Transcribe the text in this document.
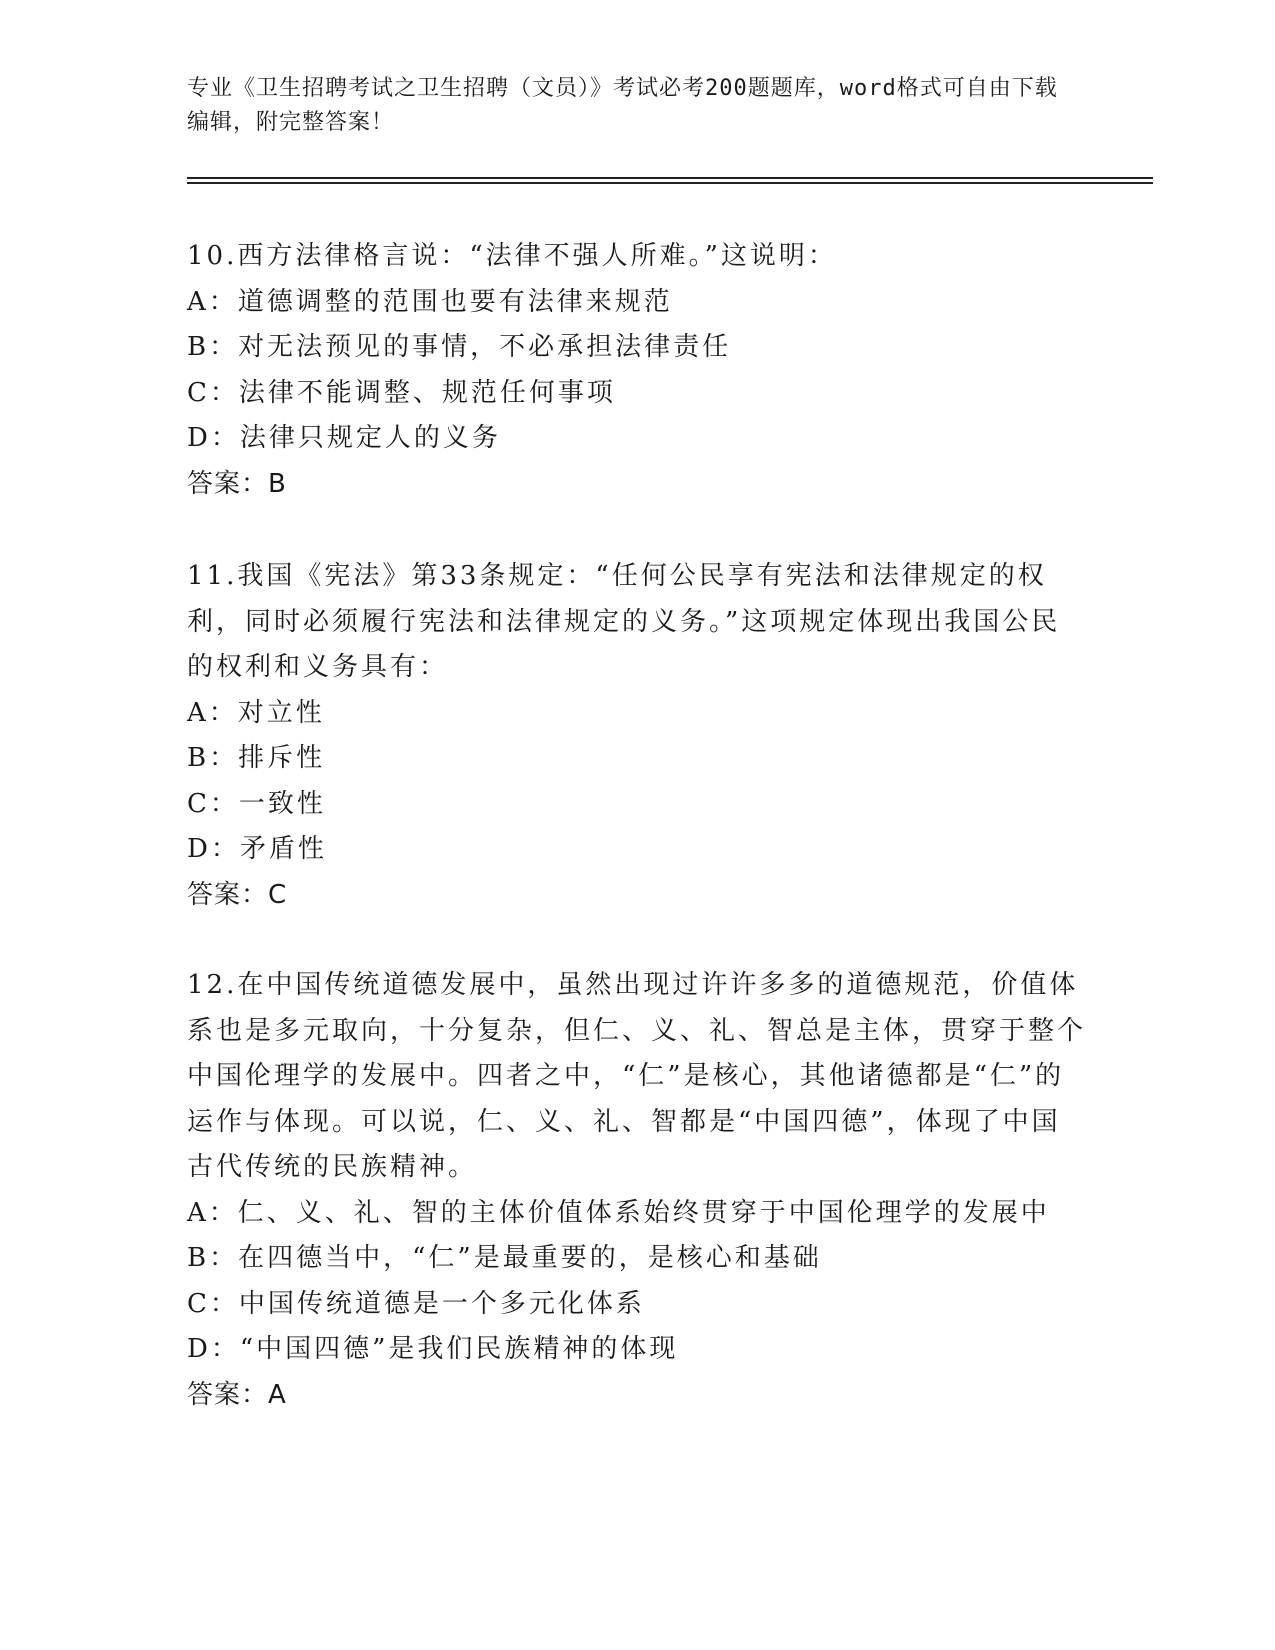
专业《卫生招聘考试之卫生招聘（文员）》考试必考200题题库，word格式可自由下载编辑，附完整答案！

10.西方法律格言说：“法律不强人所难。”这说明：

A：道德调整的范围也要有法律来规范

B：对无法预见的事情，不必承担法律责任

C：法律不能调整、规范任何事项

D：法律只规定人的义务

答案：B

11.我国《宪法》第33条规定：“任何公民享有宪法和法律规定的权利，同时必须履行宪法和法律规定的义务。”这项规定体现出我国公民的权利和义务具有：

A：对立性

B：排斥性

C：一致性

D：矛盾性

答案：C

12.在中国传统道德发展中，虽然出现过许许多多的道德规范，价值体系也是多元取向，十分复杂，但仁、义、礼、智总是主体，贯穿于整个中国伦理学的发展中。四者之中，“仁”是核心，其他诸德都是“仁”的运作与体现。可以说，仁、义、礼、智都是“中国四德”，体现了中国古代传统的民族精神。

A：仁、义、礼、智的主体价值体系始终贯穿于中国伦理学的发展中

B：在四德当中，“仁”是最重要的，是核心和基础

C：中国传统道德是一个多元化体系

D：“中国四德”是我们民族精神的体现

答案：A
